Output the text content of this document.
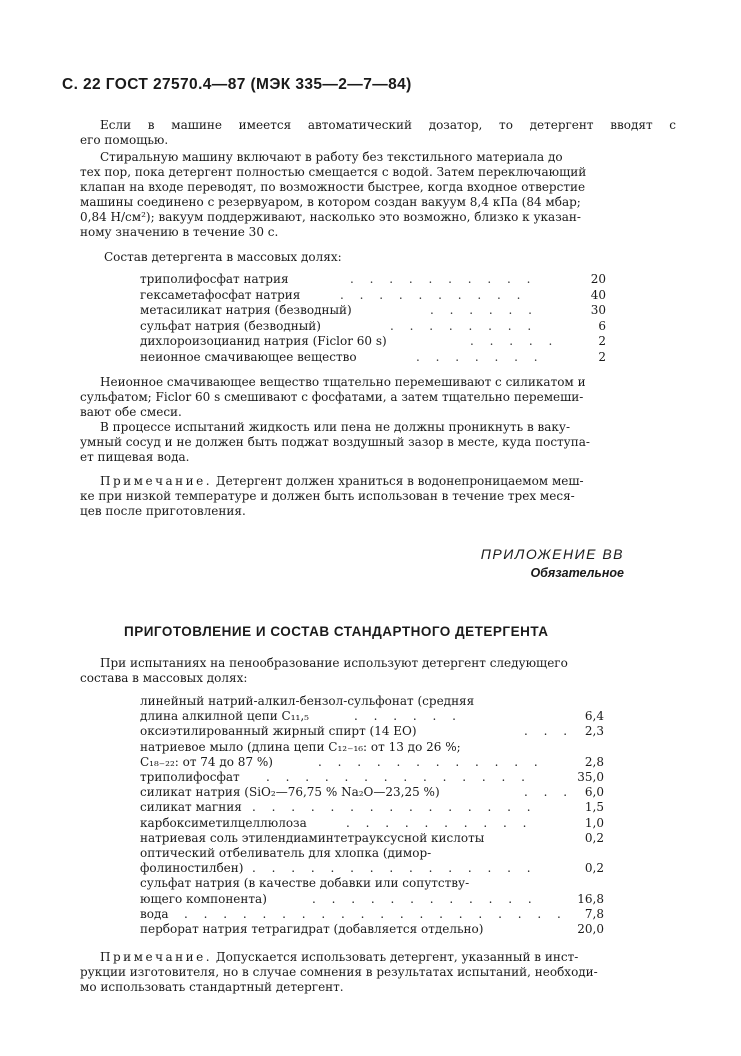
С. 22 ГОСТ 27570.4—87 (МЭК 335—2—7—84)
Если в машине имеется автоматический дозатор, то детергент вводят с
его помощью.
Стиральную машину включают в работу без текстильного материала до
тех пор, пока детергент полностью смещается с водой. Затем переключающий
клапан на входе переводят, по возможности быстрее, когда входное отверстие
машины соединено с резервуаром, в котором создан вакуум 8,4 кПа (84 мбар;
0,84 Н/см²); вакуум поддерживают, насколько это возможно, близко к указан-
ному значению в течение 30 с.
Состав детергента в массовых долях:
триполифосфат натрия	. . . . . . . . . .	20
гексаметафосфат натрия	. . . . . . . . . .	40
метасиликат натрия (безводный)	. . . . . .	30
сульфат натрия (безводный)	. . . . . . . .	6
дихлороизоцианид натрия (Ficlor 60 s)	. . . . .	2
неионное смачивающее вещество	. . . . . . .	2
Неионное смачивающее вещество тщательно перемешивают с силикатом и
сульфатом; Ficlor 60 s смешивают с фосфатами, а затем тщательно перемеши-
вают обе смеси.
В процессе испытаний жидкость или пена не должны проникнуть в ваку-
умный сосуд и не должен быть поджат воздушный зазор в месте, куда поступа-
ет пищевая вода.
Примечание. Детергент должен храниться в водонепроницаемом меш-
ке при низкой температуре и должен быть использован в течение трех меся-
цев после приготовления.
ПРИЛОЖЕНИЕ ВВ
Обязательное
ПРИГОТОВЛЕНИЕ И СОСТАВ СТАНДАРТНОГО ДЕТЕРГЕНТА
При испытаниях на пенообразование используют детергент следующего
состава в массовых долях:
линейный натрий-алкил-бензол-сульфонат (средняя
длина алкилной цепи C₁₁,₅	. . . . . .	6,4
оксиэтилированный жирный спирт (14 ЕО)	. . . 2,3
натриевое мыло (длина цепи C₁₂₋₁₆: от 13 до 26 %;
C₁₈₋₂₂: от 74 до 87 %)	. . . . . . . . . . . .	2,8
триполифосфат . . . . . . . . . . . . . .	35,0
силикат натрия (SiO₂—76,75 % Na₂O—23,25 %)	. . . 6,0
силикат магния . . . . . . . . . . . . . . .	1,5
карбоксиметилцеллюлоза	. . . . . . . . . .	1,0
натриевая соль этилендиаминтетрауксусной кислоты	0,2
оптический отбеливатель для хлопка (димор-
фолиностилбен) . . . . . . . . . . . . . . .	0,2
сульфат натрия (в качестве добавки или сопутству-
ющего компонента)	. . . . . . . . . . . .	16,8
вода . . . . . . . . . . . . . . . . . . . . 7,8
перборат натрия тетрагидрат (добавляется отдельно)	20,0
Примечание. Допускается использовать детергент, указанный в инст-
рукции изготовителя, но в случае сомнения в результатах испытаний, необходи-
мо использовать стандартный детергент.
